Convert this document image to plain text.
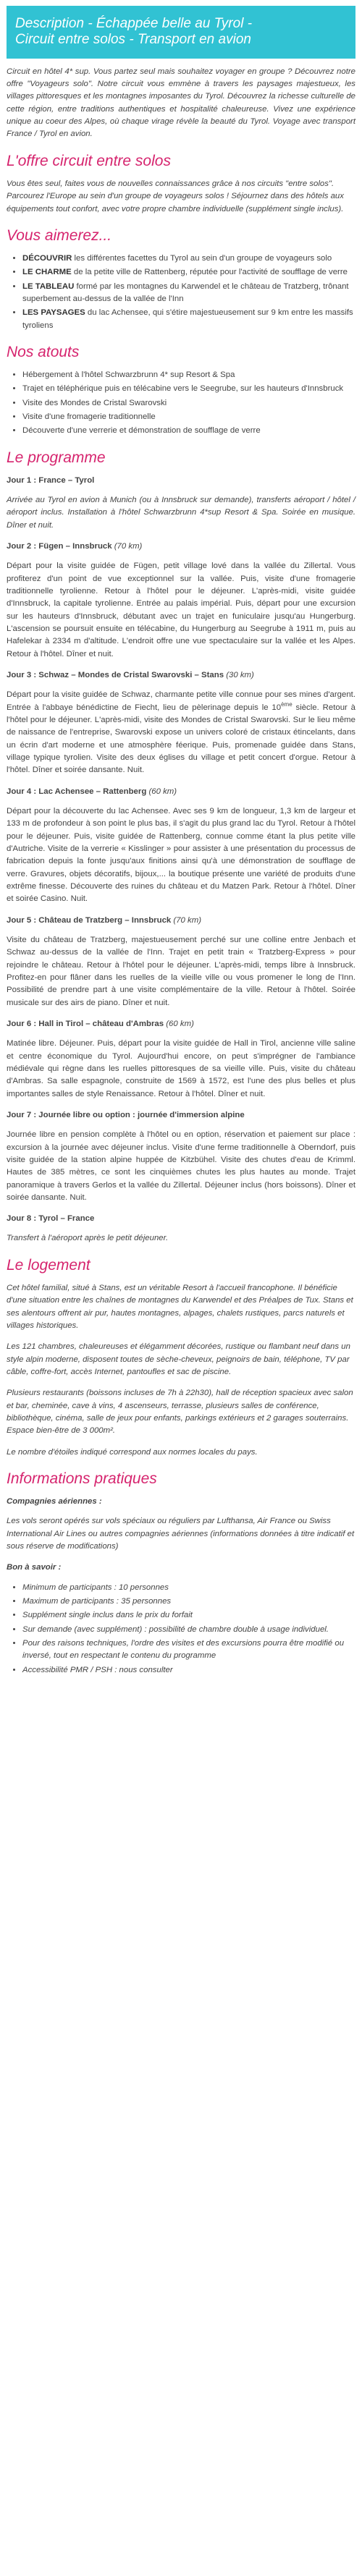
Description - Échappée belle au Tyrol -
Circuit entre solos - Transport en avion

Circuit en hôtel 4* sup. Vous partez seul mais souhaitez voyager en groupe ? Découvrez notre offre "Voyageurs solo". Notre circuit vous emmène à travers les paysages majestueux, les villages pittoresques et les montagnes imposantes du Tyrol. Découvrez la richesse culturelle de cette région, entre traditions authentiques et hospitalité chaleureuse. Vivez une expérience unique au coeur des Alpes, où chaque virage révèle la beauté du Tyrol. Voyage avec transport France / Tyrol en avion.

L'offre circuit entre solos

Vous êtes seul, faites vous de nouvelles connaissances grâce à nos circuits "entre solos". Parcourez l'Europe au sein d'un groupe de voyageurs solos ! Séjournez dans des hôtels aux équipements tout confort, avec votre propre chambre individuelle (supplément single inclus).

Vous aimerez...
• DÉCOUVRIR les différentes facettes du Tyrol au sein d'un groupe de voyageurs solo
• LE CHARME de la petite ville de Rattenberg, réputée pour l'activité de soufflage de verre
• LE TABLEAU formé par les montagnes du Karwendel et le château de Tratzberg, trônant superbement au-dessus de la vallée de l'Inn
• LES PAYSAGES du lac Achensee, qui s'étire majestueusement sur 9 km entre les massifs tyroliens
Nos atouts
• Hébergement à l'hôtel Schwarzbrunn 4* sup Resort & Spa
• Trajet en téléphérique puis en télécabine vers le Seegrube, sur les hauteurs d'Innsbruck
• Visite des Mondes de Cristal Swarovski
• Visite d'une fromagerie traditionnelle
• Découverte d'une verrerie et démonstration de soufflage de verre
Le programme
Jour 1 : France – Tyrol

Arrivée au Tyrol en avion à Munich (ou à Innsbruck sur demande), transferts aéroport / hôtel / aéroport inclus. Installation à l'hôtel Schwarzbrunn 4*sup Resort & Spa. Soirée en musique. Dîner et nuit.

Jour 2 : Fügen – Innsbruck (70 km)

Départ pour la visite guidée de Fügen, petit village lové dans la vallée du Zillertal. Vous profiterez d'un point de vue exceptionnel sur la vallée. Puis, visite d'une fromagerie traditionnelle tyrolienne. Retour à l'hôtel pour le déjeuner. L'après-midi, visite guidée d'Innsbruck, la capitale tyrolienne. Entrée au palais impérial. Puis, départ pour une excursion sur les hauteurs d'Innsbruck, débutant avec un trajet en funiculaire jusqu'au Hungerburg. L'ascension se poursuit ensuite en télécabine, du Hungerburg au Seegrube à 1911 m, puis au Hafelekar à 2334 m d'altitude. L'endroit offre une vue spectaculaire sur la vallée et les Alpes. Retour à l'hôtel. Dîner et nuit.

Jour 3 : Schwaz – Mondes de Cristal Swarovski – Stans (30 km)

Départ pour la visite guidée de Schwaz, charmante petite ville connue pour ses mines d'argent. Entrée à l'abbaye bénédictine de Fiecht, lieu de pèlerinage depuis le 10ème siècle. Retour à l'hôtel pour le déjeuner. L'après-midi, visite des Mondes de Cristal Swarovski. Sur le lieu même de naissance de l'entreprise, Swarovski expose un univers coloré de cristaux étincelants, dans un écrin d'art moderne et une atmosphère féerique. Puis, promenade guidée dans Stans, village typique tyrolien. Visite des deux églises du village et petit concert d'orgue. Retour à l'hôtel. Dîner et soirée dansante. Nuit.

Jour 4 : Lac Achensee – Rattenberg (60 km)

Départ pour la découverte du lac Achensee. Avec ses 9 km de longueur, 1,3 km de largeur et 133 m de profondeur à son point le plus bas, il s'agit du plus grand lac du Tyrol. Retour à l'hôtel pour le déjeuner. Puis, visite guidée de Rattenberg, connue comme étant la plus petite ville d'Autriche. Visite de la verrerie « Kisslinger » pour assister à une présentation du processus de fabrication depuis la fonte jusqu'aux finitions ainsi qu'à une démonstration de soufflage de verre. Gravures, objets décoratifs, bijoux,... la boutique présente une variété de produits d'une extrême finesse. Découverte des ruines du château et du Matzen Park. Retour à l'hôtel. Dîner et soirée Casino. Nuit.

Jour 5 : Château de Tratzberg – Innsbruck (70 km)

Visite du château de Tratzberg, majestueusement perché sur une colline entre Jenbach et Schwaz au-dessus de la vallée de l'Inn. Trajet en petit train « Tratzberg-Express » pour rejoindre le château. Retour à l'hôtel pour le déjeuner. L'après-midi, temps libre à Innsbruck. Profitez-en pour flâner dans les ruelles de la vieille ville ou vous promener le long de l'Inn. Possibilité de prendre part à une visite complémentaire de la ville. Retour à l'hôtel. Soirée musicale sur des airs de piano. Dîner et nuit.

Jour 6 : Hall in Tirol – château d'Ambras (60 km)

Matinée libre. Déjeuner. Puis, départ pour la visite guidée de Hall in Tirol, ancienne ville saline et centre économique du Tyrol. Aujourd'hui encore, on peut s'imprégner de l'ambiance médiévale qui règne dans les ruelles pittoresques de sa vieille ville. Puis, visite du château d'Ambras. Sa salle espagnole, construite de 1569 à 1572, est l'une des plus belles et plus importantes salles de style Renaissance. Retour à l'hôtel. Dîner et nuit.

Jour 7 : Journée libre ou option : journée d'immersion alpine

Journée libre en pension complète à l'hôtel ou en option, réservation et paiement sur place : excursion à la journée avec déjeuner inclus. Visite d'une ferme traditionnelle à Oberndorf, puis visite guidée de la station alpine huppée de Kitzbühel. Visite des chutes d'eau de Krimml. Hautes de 385 mètres, ce sont les cinquièmes chutes les plus hautes au monde. Trajet panoramique à travers Gerlos et la vallée du Zillertal. Déjeuner inclus (hors boissons). Dîner et soirée dansante. Nuit.

Jour 8 : Tyrol – France

Transfert à l'aéroport après le petit déjeuner.

Le logement

Cet hôtel familial, situé à Stans, est un véritable Resort à l'accueil francophone. Il bénéficie d'une situation entre les chaînes de montagnes du Karwendel et des Préalpes de Tux. Stans et ses alentours offrent air pur, hautes montagnes, alpages, chalets rustiques, parcs naturels et villages historiques.

Les 121 chambres, chaleureuses et élégamment décorées, rustique ou flambant neuf dans un style alpin moderne, disposent toutes de sèche-cheveux, peignoirs de bain, téléphone, TV par câble, coffre-fort, accès Internet, pantoufles et sac de piscine.

Plusieurs restaurants (boissons incluses de 7h à 22h30), hall de réception spacieux avec salon et bar, cheminée, cave à vins, 4 ascenseurs, terrasse, plusieurs salles de conférence, bibliothèque, cinéma, salle de jeux pour enfants, parkings extérieurs et 2 garages souterrains. Espace bien-être de 3 000m².

Le nombre d'étoiles indiqué correspond aux normes locales du pays.

Informations pratiques
Compagnies aériennes :

Les vols seront opérés sur vols spéciaux ou réguliers par Lufthansa, Air France ou Swiss International Air Lines ou autres compagnies aériennes (informations données à titre indicatif et sous réserve de modifications)

Bon à savoir :
• Minimum de participants : 10 personnes
• Maximum de participants : 35 personnes
• Supplément single inclus dans le prix du forfait
• Sur demande (avec supplément) : possibilité de chambre double à usage individuel.
• Pour des raisons techniques, l'ordre des visites et des excursions pourra être modifié ou inversé, tout en respectant le contenu du programme
• Accessibilité PMR / PSH : nous consulter
